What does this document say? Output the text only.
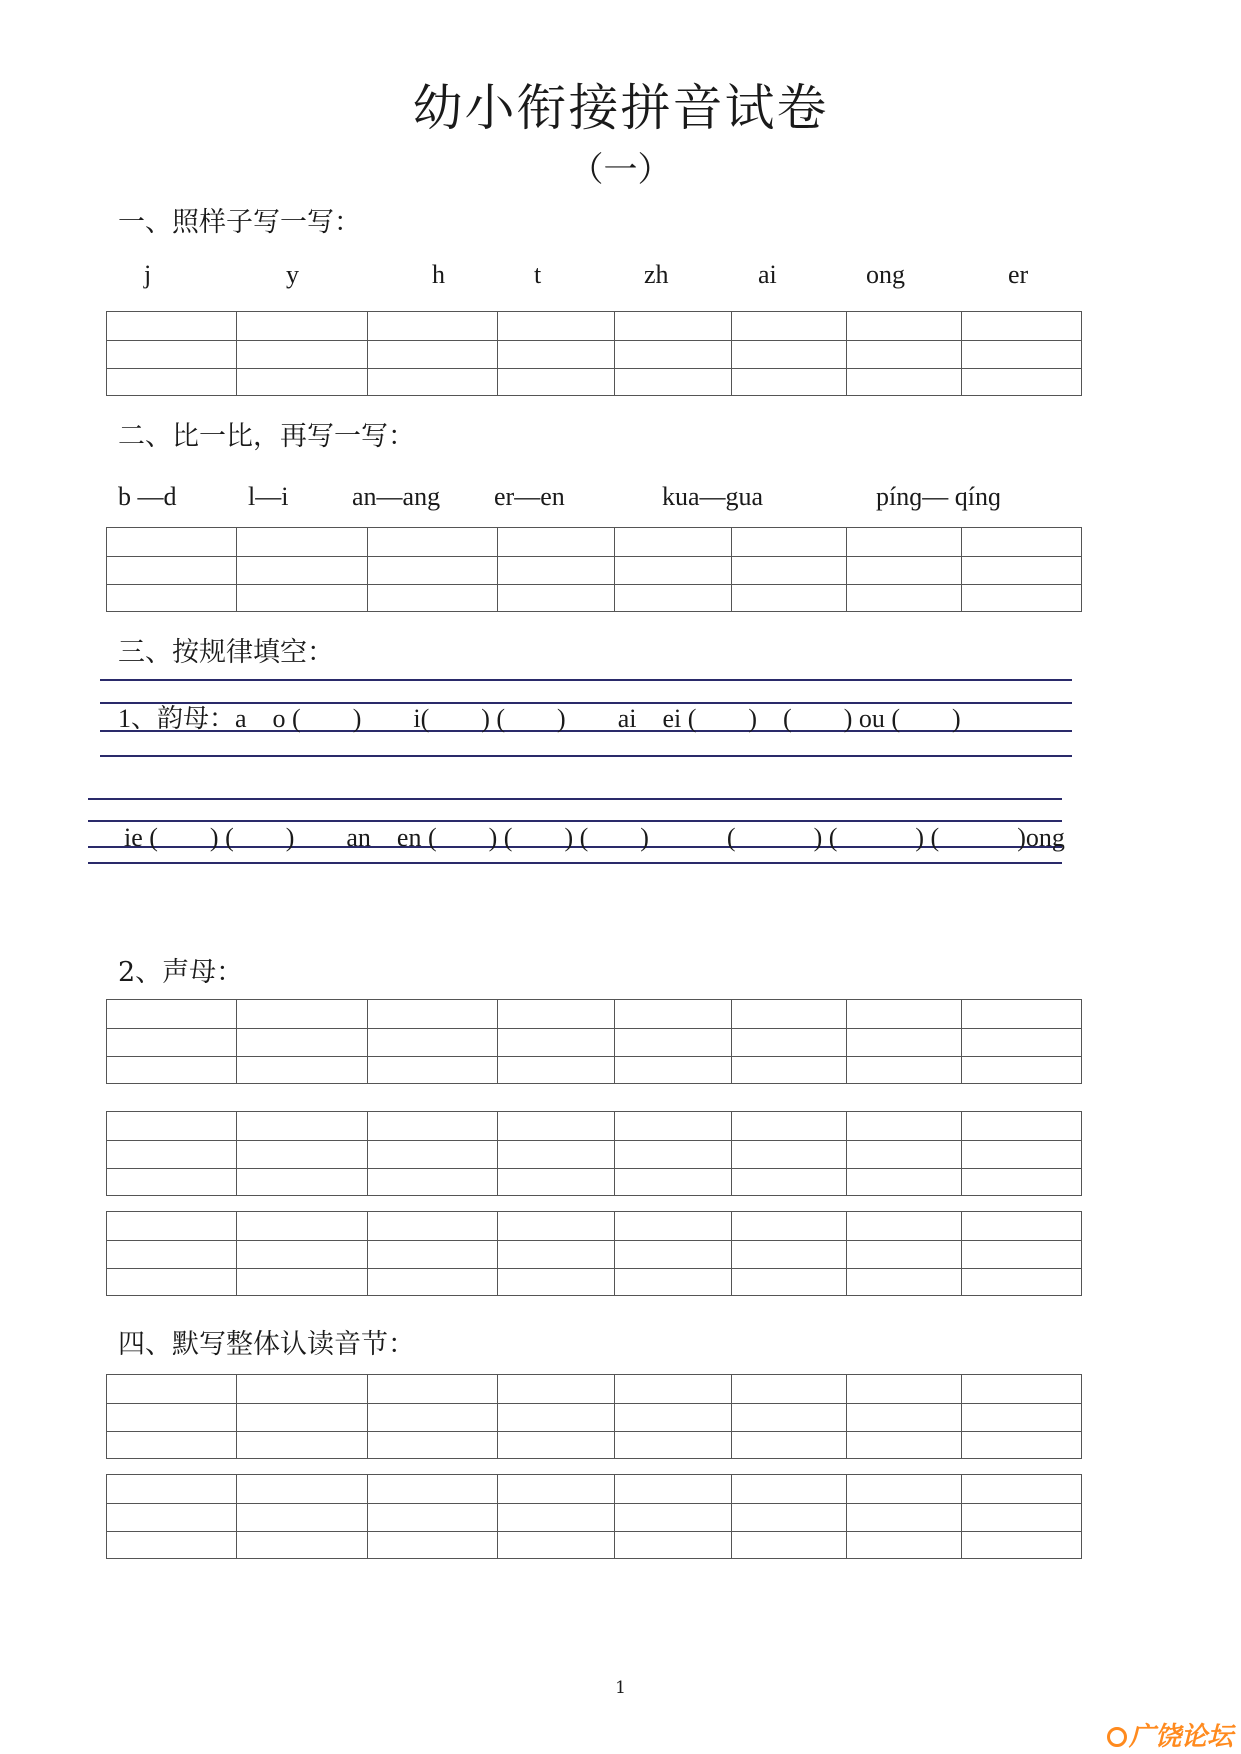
幼小衔接拼音试卷
（一）
一、照样子写一写：
j	y	h	t	zh	ai	ong	er
二、比一比，再写一写：
b —d	l—i an—ang er—en	kua—gua	pínɡ— qínɡ
三、按规律填空：
1、韵母：a　o (　　)　　i(　　) (　　)　　ai　ei (　　)　(　　) ou (　　)
ie (　　) (　　)　　an　en (　　) (　　) (　　)　　　(　　　) (　　　) (　　　)ong
2、声母：
四、默写整体认读音节：
1
广饶论坛
